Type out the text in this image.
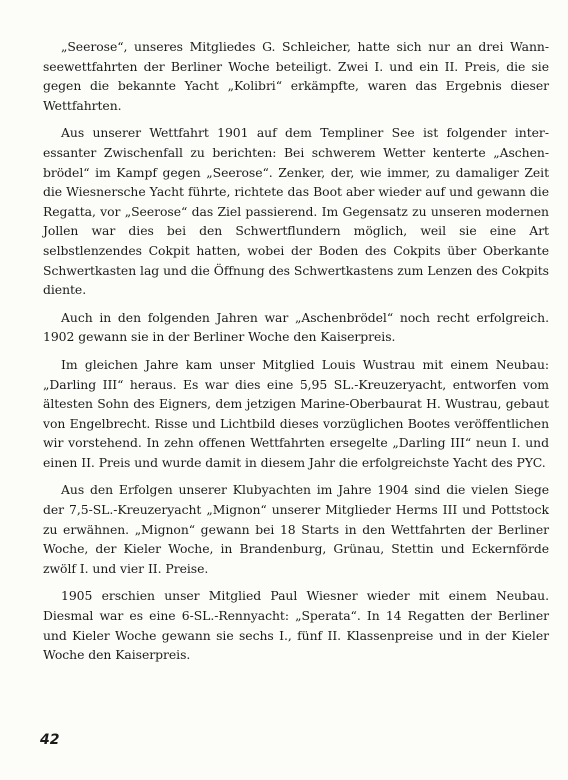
„Seerose“, unseres Mitgliedes G. Schleicher, hatte sich nur an drei Wannseewettfahrten der Berliner Woche beteiligt. Zwei I. und ein II. Preis, die sie gegen die bekannte Yacht „Kolibri“ erkämpfte, waren das Ergebnis dieser Wettfahrten.

Aus unserer Wettfahrt 1901 auf dem Templiner See ist folgender interessanter Zwischenfall zu berichten: Bei schwerem Wetter kenterte „Aschenbrödel“ im Kampf gegen „Seerose“. Zenker, der, wie immer, zu damaliger Zeit die Wiesnersche Yacht führte, richtete das Boot aber wieder auf und gewann die Regatta, vor „Seerose“ das Ziel passierend. Im Gegensatz zu unseren modernen Jollen war dies bei den Schwertflundern möglich, weil sie eine Art selbstlenzendes Cokpit hatten, wobei der Boden des Cokpits über Oberkante Schwertkasten lag und die Öffnung des Schwertkastens zum Lenzen des Cokpits diente.

Auch in den folgenden Jahren war „Aschenbrödel“ noch recht erfolgreich. 1902 gewann sie in der Berliner Woche den Kaiserpreis.

Im gleichen Jahre kam unser Mitglied Louis Wustrau mit einem Neubau: „Darling III“ heraus. Es war dies eine 5,95 SL.-Kreuzeryacht, entworfen vom ältesten Sohn des Eigners, dem jetzigen Marine-Oberbaurat H. Wustrau, gebaut von Engelbrecht. Risse und Lichtbild dieses vorzüglichen Bootes veröffentlichen wir vorstehend. In zehn offenen Wettfahrten ersegelte „Darling III“ neun I. und einen II. Preis und wurde damit in diesem Jahr die erfolgreichste Yacht des PYC.

Aus den Erfolgen unserer Klubyachten im Jahre 1904 sind die vielen Siege der 7,5-SL.-Kreuzeryacht „Mignon“ unserer Mitglieder Herms III und Pottstock zu erwähnen. „Mignon“ gewann bei 18 Starts in den Wettfahrten der Berliner Woche, der Kieler Woche, in Brandenburg, Grünau, Stettin und Eckernförde zwölf I. und vier II. Preise.

1905 erschien unser Mitglied Paul Wiesner wieder mit einem Neubau. Diesmal war es eine 6-SL.-Rennyacht: „Sperata“. In 14 Regatten der Berliner und Kieler Woche gewann sie sechs I., fünf II. Klassenpreise und in der Kieler Woche den Kaiserpreis.

42
